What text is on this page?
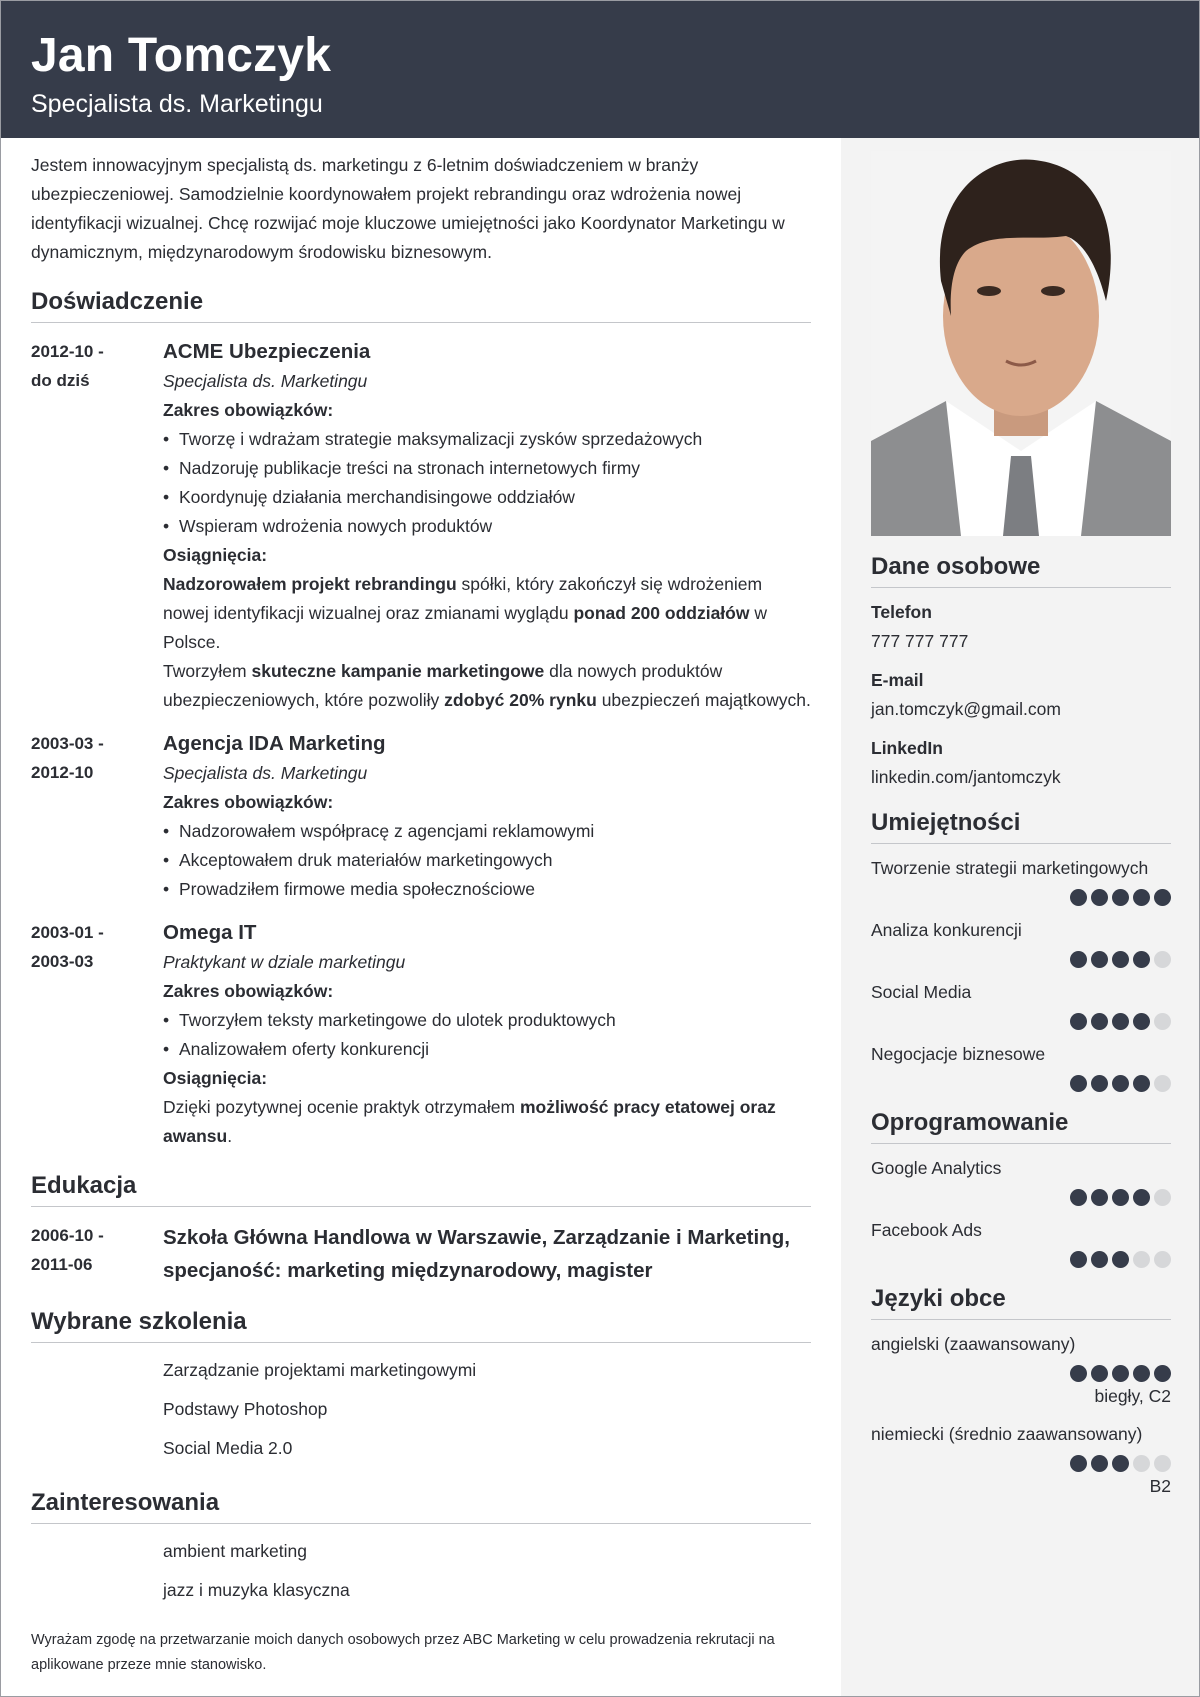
Jan Tomczyk
Specjalista ds. Marketingu
Dane osobowe
Telefon
777 777 777
E-mail
jan.tomczyk@gmail.com
LinkedIn
linkedin.com/jantomczyk
Umiejętności
Tworzenie strategii marketingowych
Analiza konkurencji
Social Media
Negocjacje biznesowe
Oprogramowanie
Google Analytics
Facebook Ads
Języki obce
angielski (zaawansowany)
biegły, C2
niemiecki (średnio zaawansowany)
B2

Jestem innowacyjnym specjalistą ds. marketingu z 6-letnim doświadczeniem w branży ubezpieczeniowej. Samodzielnie koordynowałem projekt rebrandingu oraz wdrożenia nowej identyfikacji wizualnej. Chcę rozwijać moje kluczowe umiejętności jako Koordynator Marketingu w dynamicznym, międzynarodowym środowisku biznesowym.

Doświadczenie
2012-10 -
do dziś
ACME Ubezpieczenia
Specjalista ds. Marketingu
Zakres obowiązków:
• Tworzę i wdrażam strategie maksymalizacji zysków sprzedażowych
• Nadzoruję publikacje treści na stronach internetowych firmy
• Koordynuję działania merchandisingowe oddziałów
• Wspieram wdrożenia nowych produktów
Osiągnięcia:
Nadzorowałem projekt rebrandingu spółki, który zakończył się wdrożeniem nowej identyfikacji wizualnej oraz zmianami wyglądu ponad 200 oddziałów w Polsce.
Tworzyłem skuteczne kampanie marketingowe dla nowych produktów ubezpieczeniowych, które pozwoliły zdobyć 20% rynku ubezpieczeń majątkowych.
2003-03 -
2012-10
Agencja IDA Marketing
Specjalista ds. Marketingu
Zakres obowiązków:
• Nadzorowałem współpracę z agencjami reklamowymi
• Akceptowałem druk materiałów marketingowych
• Prowadziłem firmowe media społecznościowe
2003-01 -
2003-03
Omega IT
Praktykant w dziale marketingu
Zakres obowiązków:
• Tworzyłem teksty marketingowe do ulotek produktowych
• Analizowałem oferty konkurencji
Osiągnięcia:
Dzięki pozytywnej ocenie praktyk otrzymałem możliwość pracy etatowej oraz awansu.
Edukacja
2006-10 -
2011-06
Szkoła Główna Handlowa w Warszawie, Zarządzanie i Marketing, specjaność: marketing międzynarodowy, magister
Wybrane szkolenia
Zarządzanie projektami marketingowymi
Podstawy Photoshop
Social Media 2.0
Zainteresowania
ambient marketing
jazz i muzyka klasyczna

Wyrażam zgodę na przetwarzanie moich danych osobowych przez ABC Marketing w celu prowadzenia rekrutacji na aplikowane przeze mnie stanowisko.
